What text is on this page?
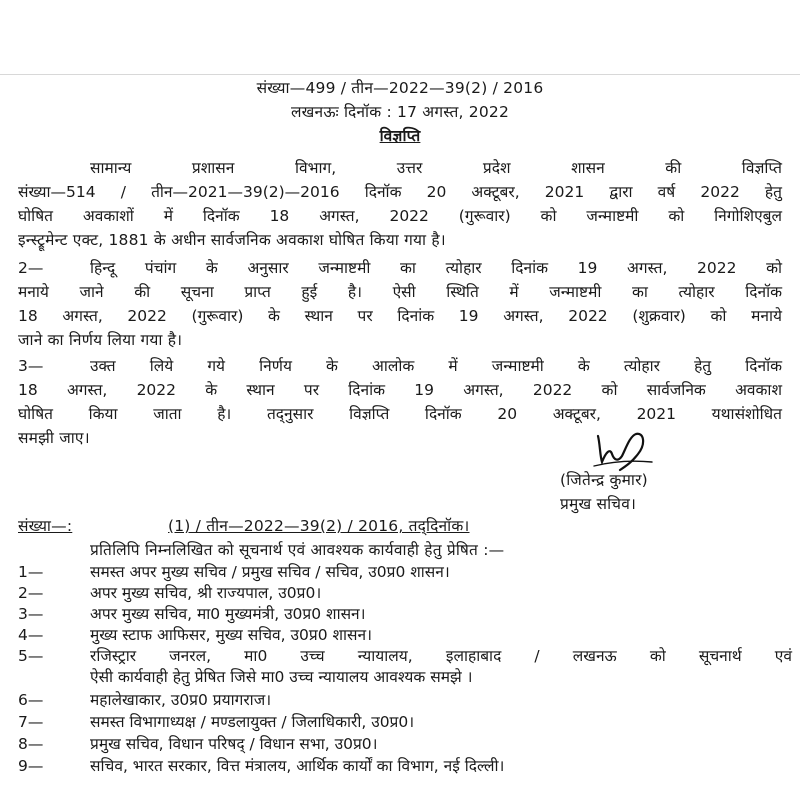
संख्या—499 / तीन—2022—39(2) / 2016
लखनऊः दिनॉक : 17 अगस्त, 2022
विज्ञप्ति
सामान्य प्रशासन विभाग, उत्तर प्रदेश शासन की विज्ञप्ति
संख्या—514 / तीन—2021—39(2)—2016 दिनॉक 20 अक्टूबर, 2021 द्वारा वर्ष 2022 हेतु
घोषित अवकाशों में दिनॉक 18 अगस्त, 2022 (गुरूवार) को जन्माष्टमी को निगोशिएबुल
इन्स्ट्रूमेन्ट एक्ट, 1881 के अधीन सार्वजनिक अवकाश घोषित किया गया है।
2—	हिन्दू पंचांग के अनुसार जन्माष्टमी का त्योहार दिनांक 19 अगस्त, 2022 को
मनाये जाने की सूचना प्राप्त हुई है। ऐसी स्थिति में जन्माष्टमी का त्योहार दिनॉक
18 अगस्त, 2022 (गुरूवार) के स्थान पर दिनांक 19 अगस्त, 2022 (शुक्रवार) को मनाये
जाने का निर्णय लिया गया है।
3—	उक्त लिये गये निर्णय के आलोक में जन्माष्टमी के त्योहार हेतु दिनॉक
18 अगस्त, 2022 के स्थान पर दिनांक 19 अगस्त, 2022 को सार्वजनिक अवकाश
घोषित किया जाता है। तद्नुसार विज्ञप्ति दिनॉक 20 अक्टूबर, 2021 यथासंशोधित
समझी जाए।
(जितेन्द्र कुमार)
प्रमुख सचिव।
संख्या—:	(1) / तीन—2022—39(2) / 2016, तद्‌दिनॉक।
प्रतिलिपि निम्नलिखित को सूचनार्थ एवं आवश्यक कार्यवाही हेतु प्रेषित :—
1—	समस्त अपर मुख्य सचिव / प्रमुख सचिव / सचिव, उ0प्र0 शासन।
2—	अपर मुख्य सचिव, श्री राज्यपाल, उ0प्र0।
3—	अपर मुख्य सचिव, मा0 मुख्यमंत्री, उ0प्र0 शासन।
4—	मुख्य स्टाफ आफिसर, मुख्य सचिव, उ0प्र0 शासन।
5—	रजिस्ट्रार जनरल, मा0 उच्च न्यायालय, इलाहाबाद / लखनऊ को सूचनार्थ एवं
ऐसी कार्यवाही हेतु प्रेषित जिसे मा0 उच्च न्यायालय आवश्यक समझे ।
6—	महालेखाकार, उ0प्र0 प्रयागराज।
7—	समस्त विभागाध्यक्ष / मण्डलायुक्त / जिलाधिकारी, उ0प्र0।
8—	प्रमुख सचिव, विधान परिषद् / विधान सभा, उ0प्र0।
9—	सचिव, भारत सरकार, वित्त मंत्रालय, आर्थिक कार्यों का विभाग, नई दिल्ली।
